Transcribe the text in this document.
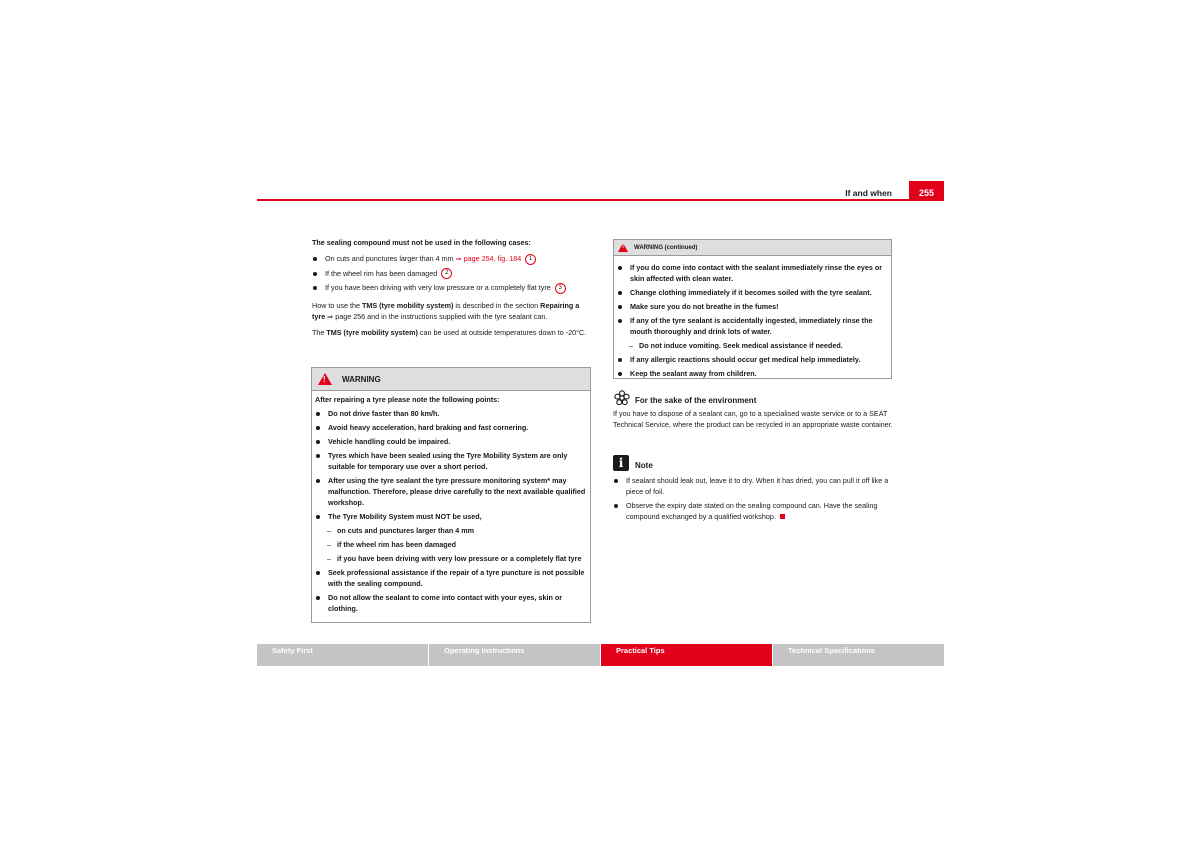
If and when	255

The sealing compound must not be used in the following cases:

On cuts and punctures larger than 4 mm ⇒ page 254, fig. 184 1
If the wheel rim has been damaged 2
If you have been driving with very low pressure or a completely flat tyre 3

How to use the TMS (tyre mobility system) is described in the section Repairing a tyre ⇒ page 256 and in the instructions supplied with the tyre sealant can.

The TMS (tyre mobility system) can be used at outside temperatures down to -20°C.

! WARNING
After repairing a tyre please note the following points:
Do not drive faster than 80 km/h.
Avoid heavy acceleration, hard braking and fast cornering.
Vehicle handling could be impaired.
Tyres which have been sealed using the Tyre Mobility System are only suitable for temporary use over a short period.
After using the tyre sealant the tyre pressure monitoring system* may malfunction. Therefore, please drive carefully to the next available qualified workshop.
The Tyre Mobility System must NOT be used,
– on cuts and punctures larger than 4 mm
– if the wheel rim has been damaged
– if you have been driving with very low pressure or a completely flat tyre
Seek professional assistance if the repair of a tyre puncture is not possible with the sealing compound.
Do not allow the sealant to come into contact with your eyes, skin or clothing.
! WARNING (continued)
If you do come into contact with the sealant immediately rinse the eyes or skin affected with clean water.
Change clothing immediately if it becomes soiled with the tyre sealant.
Make sure you do not breathe in the fumes!
If any of the tyre sealant is accidentally ingested, immediately rinse the mouth thoroughly and drink lots of water.
– Do not induce vomiting. Seek medical assistance if needed.
If any allergic reactions should occur get medical help immediately.
Keep the sealant away from children.
For the sake of the environment

If you have to dispose of a sealant can, go to a specialised waste service or to a SEAT Technical Service, where the product can be recycled in an appropriate waste container.

i	Note
If sealant should leak out, leave it to dry. When it has dried, you can pull it off like a piece of foil.
Observe the expiry date stated on the sealing compound can. Have the sealing compound exchanged by a qualified workshop.
Safety First	Operating Instructions	Practical Tips	Technical Specifications
